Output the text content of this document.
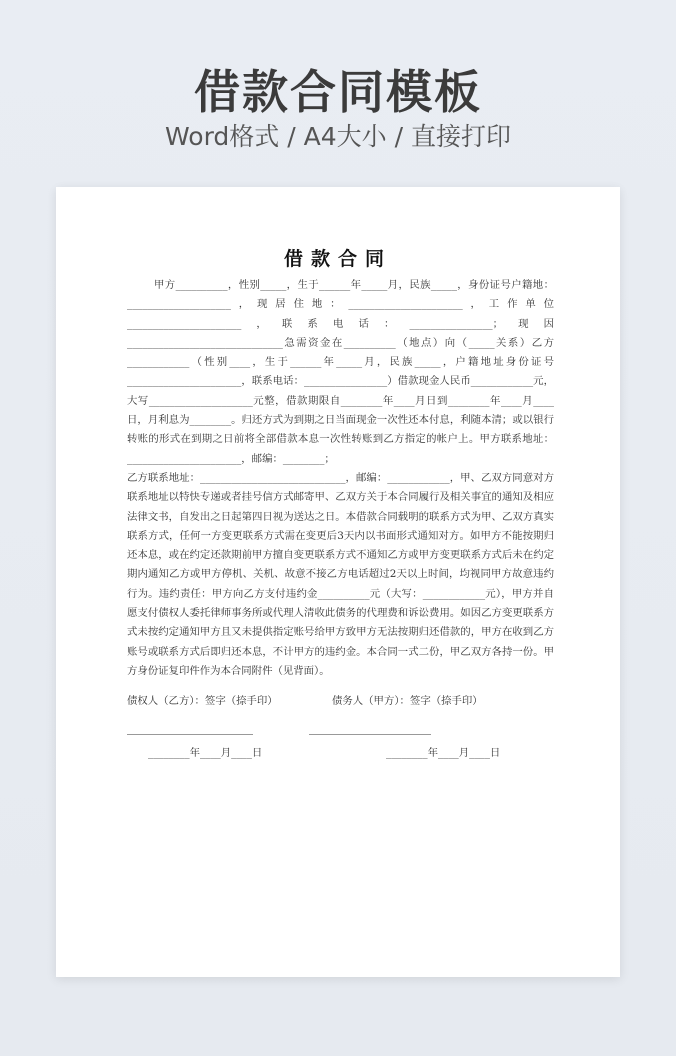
借款合同模板
Word格式 / A4大小 / 直接打印
借款合同

甲方__________，性别_____，生于______年_____月，民族_____，身份证号户籍地：____________________，现居住地：______________________，工作单位______________________，联系电话：________________；现因______________________________急需资金在__________（地点）向（_____关系）乙方____________（性别____，生于______年_____月，民族_____，户籍地址身份证号______________________，联系电话：________________）借款现金人民币____________元，大写____________________元整，借款期限自________年____月日到________年____月____日，月利息为________。归还方式为到期之日当面现金一次性还本付息，利随本清；或以银行转账的形式在到期之日前将全部借款本息一次性转账到乙方指定的帐户上。甲方联系地址：______________________，邮编：________；

乙方联系地址：____________________________，邮编：____________，甲、乙双方同意对方联系地址以特快专递或者挂号信方式邮寄甲、乙双方关于本合同履行及相关事宜的通知及相应法律文书，自发出之日起第四日视为送达之日。本借款合同载明的联系方式为甲、乙双方真实联系方式，任何一方变更联系方式需在变更后3天内以书面形式通知对方。如甲方不能按期归还本息，或在约定还款期前甲方擅自变更联系方式不通知乙方或甲方变更联系方式后未在约定期内通知乙方或甲方停机、关机、故意不接乙方电话超过2天以上时间，均视同甲方故意违约行为。违约责任：甲方向乙方支付违约金__________元（大写：____________元），甲方并自愿支付债权人委托律师事务所或代理人清收此债务的代理费和诉讼费用。如因乙方变更联系方式未按约定通知甲方且又未提供指定账号给甲方致甲方无法按期归还借款的，甲方在收到乙方账号或联系方式后即归还本息，不计甲方的违约金。本合同一式二份，甲乙双方各持一份。甲方身份证复印件作为本合同附件（见背面）。

债权人（乙方）：签字（捺手印）	债务人（甲方）：签字（捺手印）
________年____月____日	________年____月____日
